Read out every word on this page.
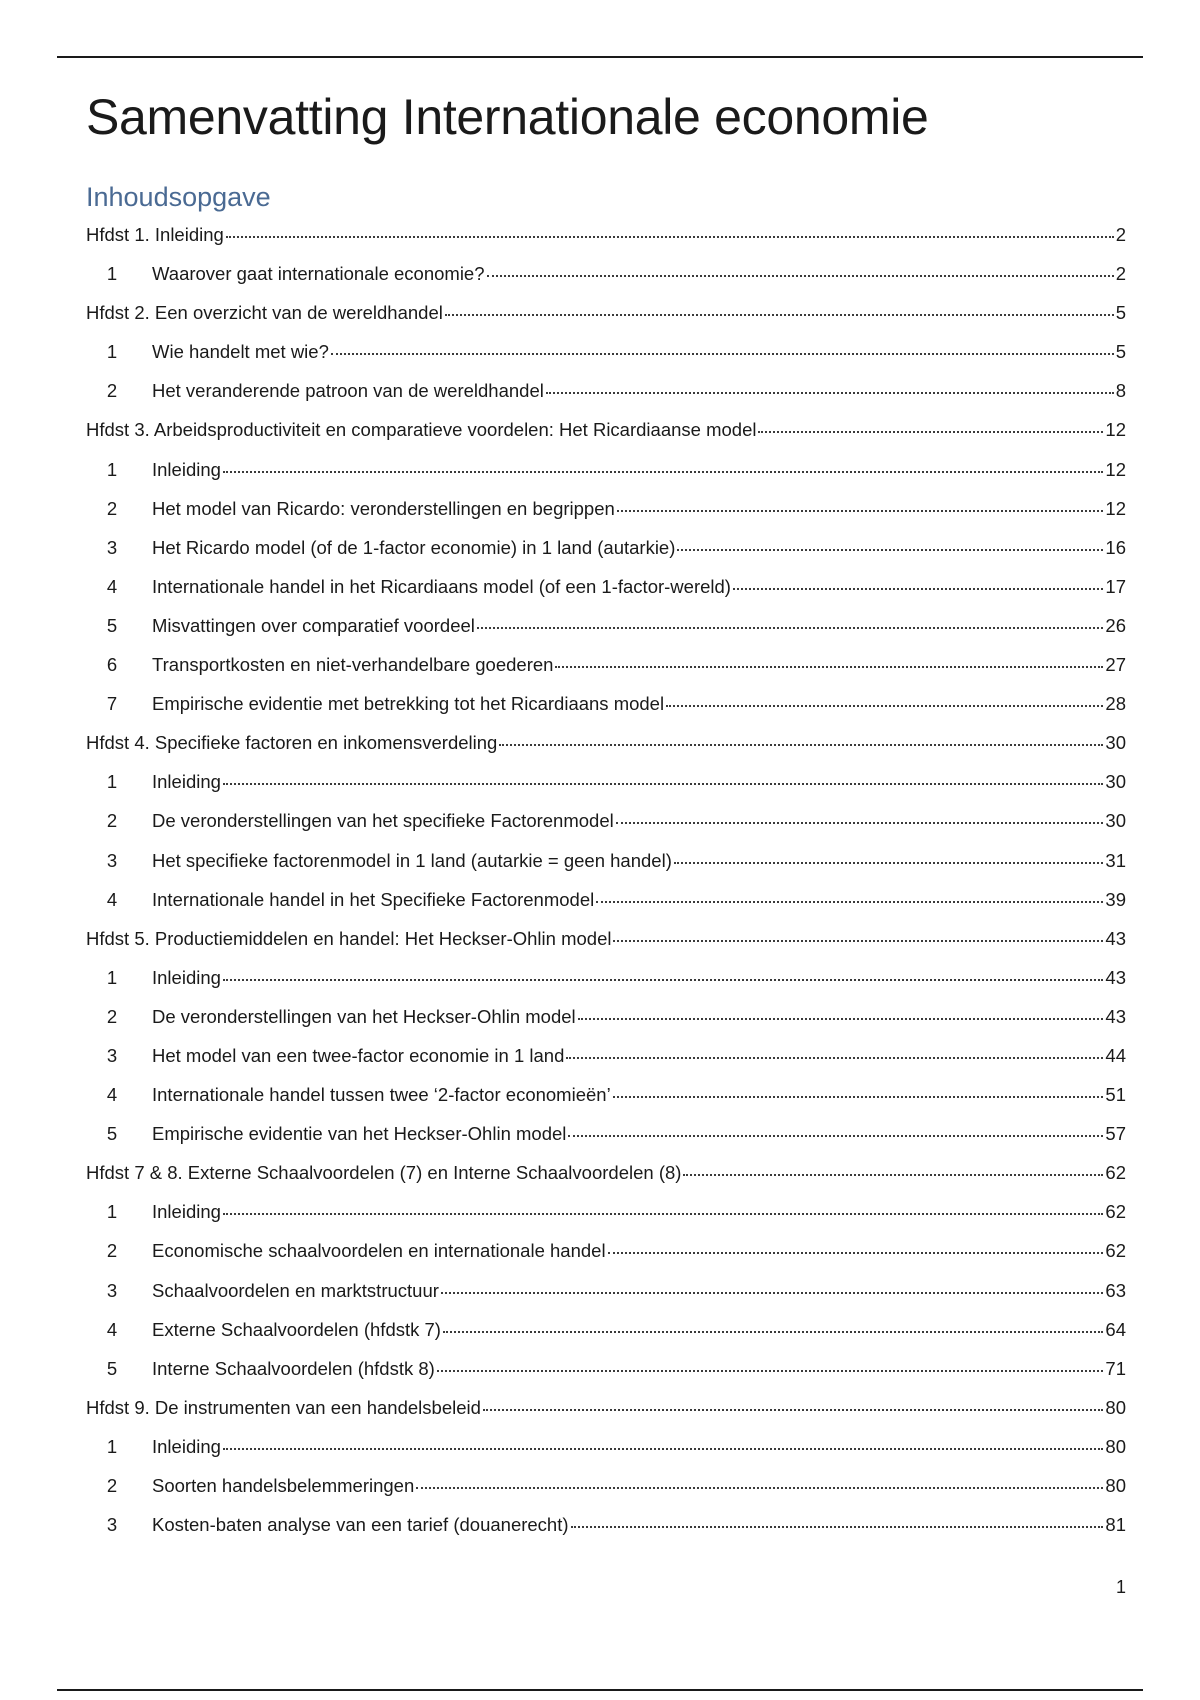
Samenvatting Internationale economie
Inhoudsopgave
Hfdst 1. Inleiding	2
1	Waarover gaat internationale economie?	2
Hfdst 2. Een overzicht van de wereldhandel	5
1	Wie handelt met wie?	5
2	Het veranderende patroon van de wereldhandel	8
Hfdst 3. Arbeidsproductiviteit en comparatieve voordelen: Het Ricardiaanse model	12
1	Inleiding	12
2	Het model van Ricardo: veronderstellingen en begrippen	12
3	Het Ricardo model (of de 1-factor economie) in 1 land (autarkie)	16
4	Internationale handel in het Ricardiaans model (of een 1-factor-wereld)	17
5	Misvattingen over comparatief voordeel	26
6	Transportkosten en niet-verhandelbare goederen	27
7	Empirische evidentie met betrekking tot het Ricardiaans model	28
Hfdst 4. Specifieke factoren en inkomensverdeling	30
1	Inleiding	30
2	De veronderstellingen van het specifieke Factorenmodel	30
3	Het specifieke factorenmodel in 1 land (autarkie = geen handel)	31
4	Internationale handel in het Specifieke Factorenmodel	39
Hfdst 5. Productiemiddelen en handel: Het Heckser-Ohlin model	43
1	Inleiding	43
2	De veronderstellingen van het Heckser-Ohlin model	43
3	Het model van een twee-factor economie in 1 land	44
4	Internationale handel tussen twee ‘2-factor economieën’	51
5	Empirische evidentie van het Heckser-Ohlin model	57
Hfdst 7 & 8. Externe Schaalvoordelen (7) en Interne Schaalvoordelen (8)	62
1	Inleiding	62
2	Economische schaalvoordelen en internationale handel	62
3	Schaalvoordelen en marktstructuur	63
4	Externe Schaalvoordelen (hfdstk 7)	64
5	Interne Schaalvoordelen (hfdstk 8)	71
Hfdst 9. De instrumenten van een handelsbeleid	80
1	Inleiding	80
2	Soorten handelsbelemmeringen	80
3	Kosten-baten analyse van een tarief (douanerecht)	81
1
